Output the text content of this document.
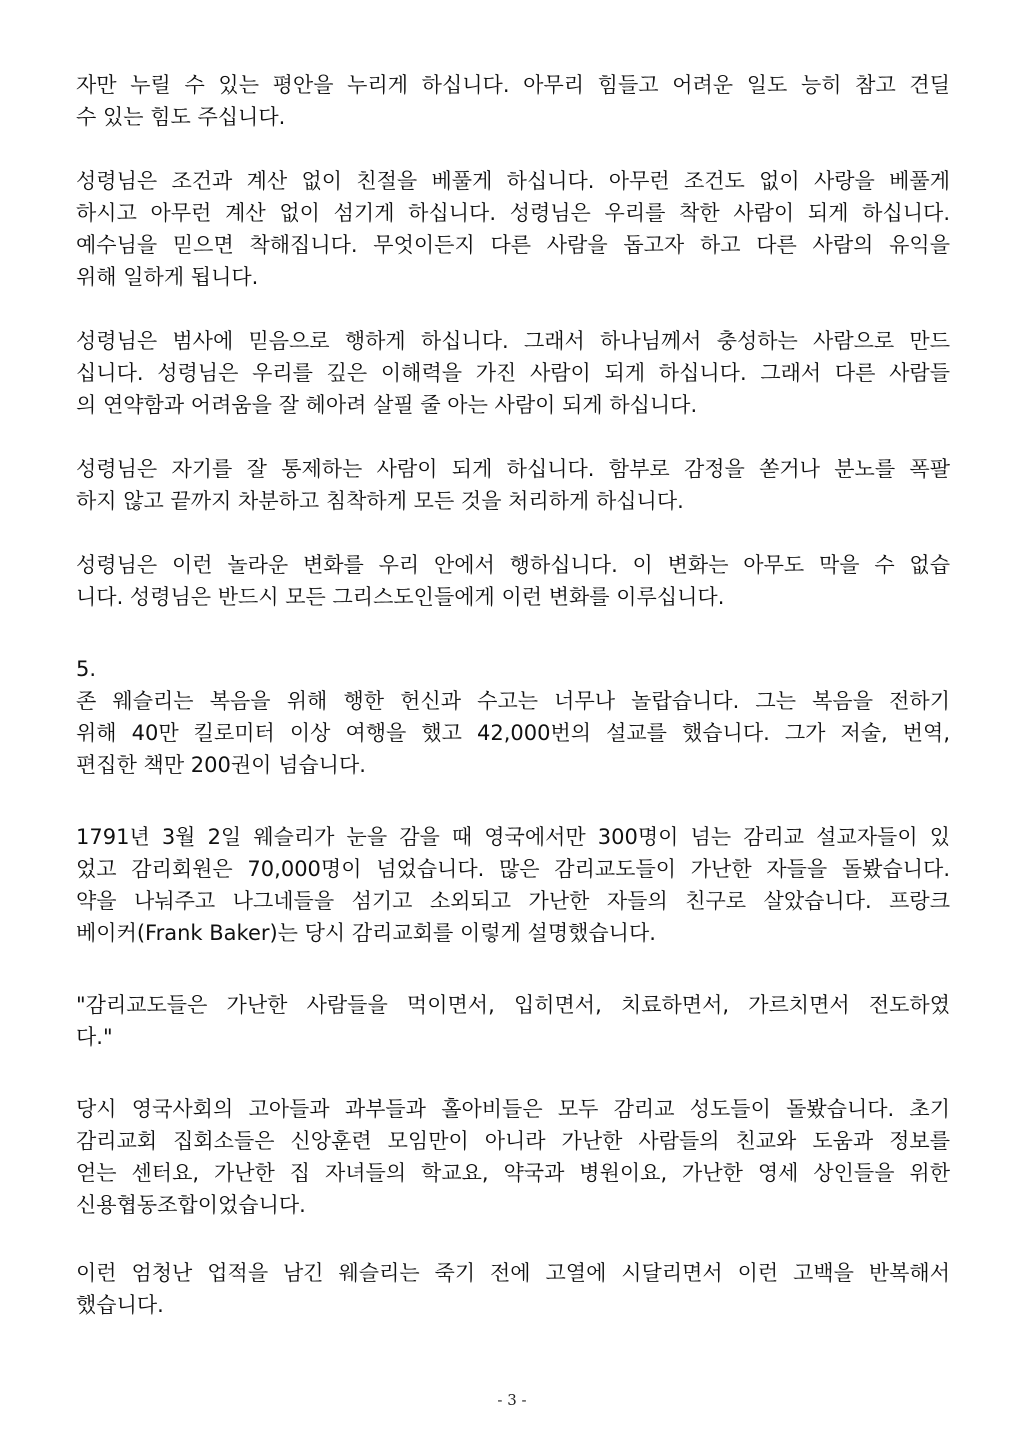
자만 누릴 수 있는 평안을 누리게 하십니다. 아무리 힘들고 어려운 일도 능히 참고 견딜
수 있는 힘도 주십니다.
성령님은 조건과 계산 없이 친절을 베풀게 하십니다. 아무런 조건도 없이 사랑을 베풀게
하시고 아무런 계산 없이 섬기게 하십니다. 성령님은 우리를 착한 사람이 되게 하십니다.
예수님을 믿으면 착해집니다. 무엇이든지 다른 사람을 돕고자 하고 다른 사람의 유익을
위해 일하게 됩니다.
성령님은 범사에 믿음으로 행하게 하십니다. 그래서 하나님께서 충성하는 사람으로 만드
십니다. 성령님은 우리를 깊은 이해력을 가진 사람이 되게 하십니다. 그래서 다른 사람들
의 연약함과 어려움을 잘 헤아려 살필 줄 아는 사람이 되게 하십니다.
성령님은 자기를 잘 통제하는 사람이 되게 하십니다. 함부로 감정을 쏟거나 분노를 폭팔
하지 않고 끝까지 차분하고 침착하게 모든 것을 처리하게 하십니다.
성령님은 이런 놀라운 변화를 우리 안에서 행하십니다. 이 변화는 아무도 막을 수 없습
니다. 성령님은 반드시 모든 그리스도인들에게 이런 변화를 이루십니다.
5.
존 웨슬리는 복음을 위해 행한 헌신과 수고는 너무나 놀랍습니다. 그는 복음을 전하기
위해 40만 킬로미터 이상 여행을 했고 42,000번의 설교를 했습니다. 그가 저술, 번역,
편집한 책만 200권이 넘습니다.
1791년 3월 2일 웨슬리가 눈을 감을 때 영국에서만 300명이 넘는 감리교 설교자들이 있
었고 감리회원은 70,000명이 넘었습니다. 많은 감리교도들이 가난한 자들을 돌봤습니다.
약을 나눠주고 나그네들을 섬기고 소외되고 가난한 자들의 친구로 살았습니다. 프랑크
베이커(Frank Baker)는 당시 감리교회를 이렇게 설명했습니다.
"감리교도들은 가난한 사람들을 먹이면서, 입히면서, 치료하면서, 가르치면서 전도하였
다."
당시 영국사회의 고아들과 과부들과 홀아비들은 모두 감리교 성도들이 돌봤습니다. 초기
감리교회 집회소들은 신앙훈련 모임만이 아니라 가난한 사람들의 친교와 도움과 정보를
얻는 센터요, 가난한 집 자녀들의 학교요, 약국과 병원이요, 가난한 영세 상인들을 위한
신용협동조합이었습니다.
이런 엄청난 업적을 남긴 웨슬리는 죽기 전에 고열에 시달리면서 이런 고백을 반복해서
했습니다.
- 3 -
